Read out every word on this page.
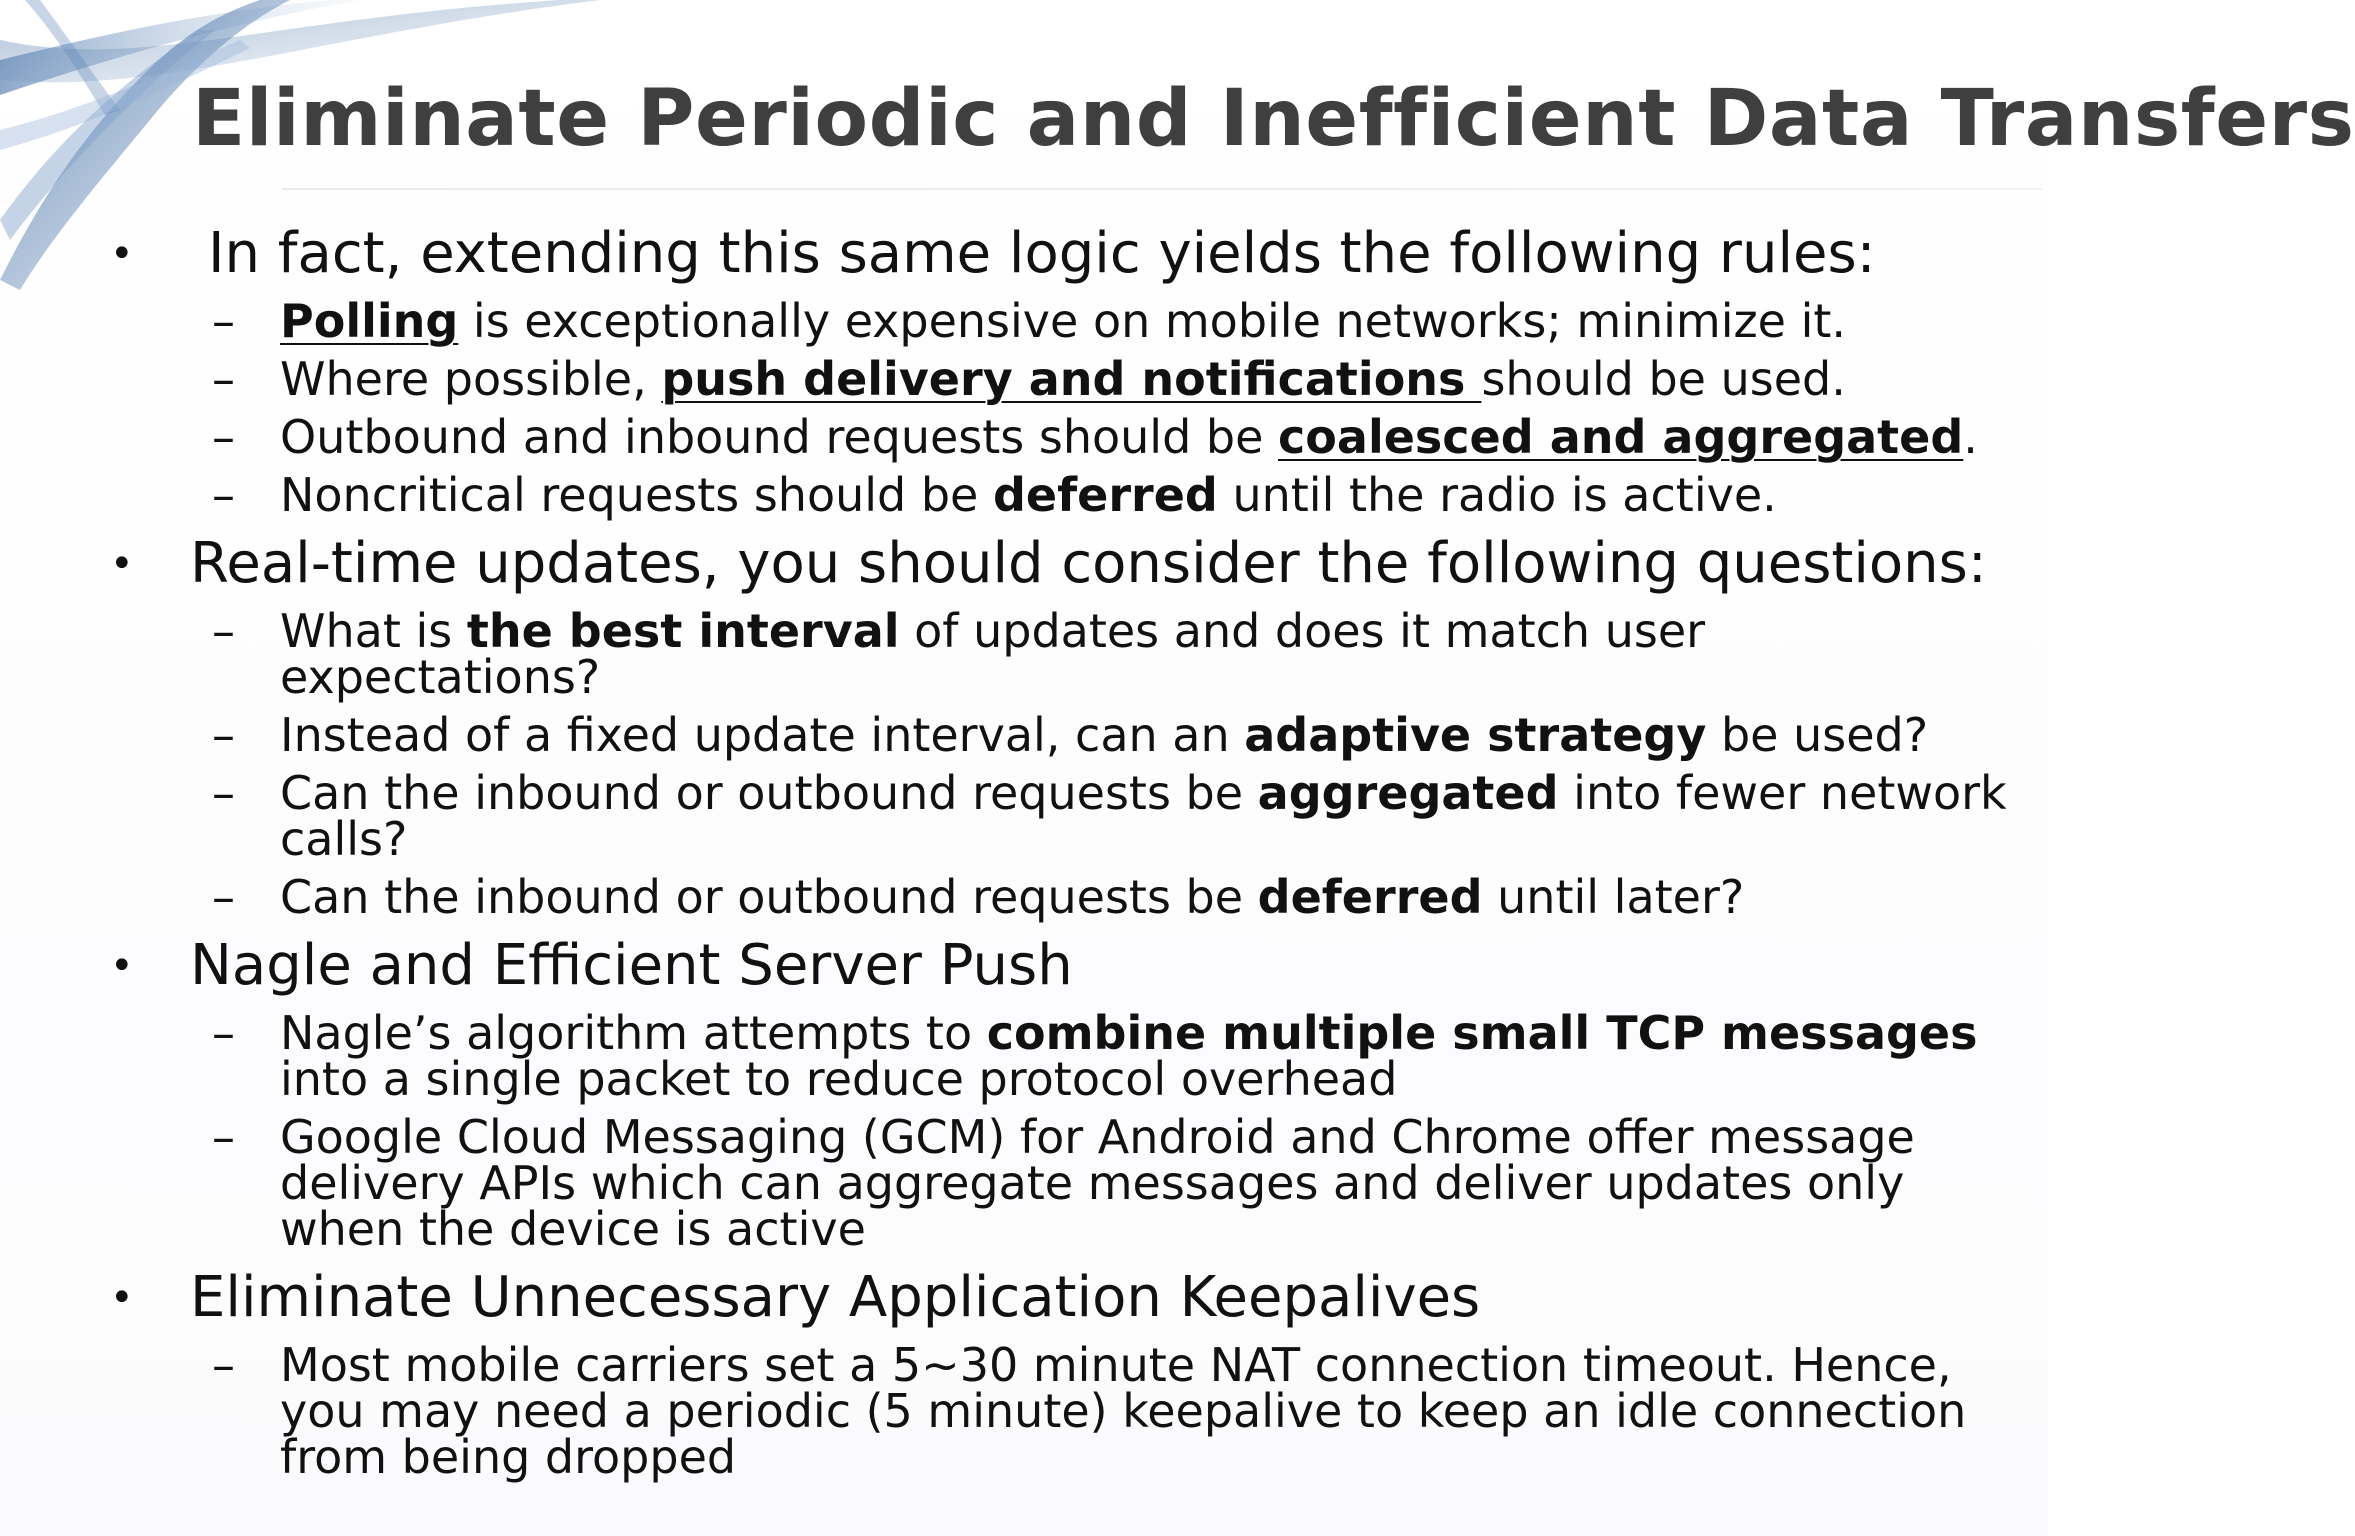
Eliminate Periodic and Inefficient Data Transfers

• In fact, extending this same logic yields the following rules:

– Polling is exceptionally expensive on mobile networks; minimize it.

– Where possible, push delivery and notifications should be used.

– Outbound and inbound requests should be coalesced and aggregated.

– Noncritical requests should be deferred until the radio is active.

• Real-time updates, you should consider the following questions:

– What is the best interval of updates and does it match user expectations?

– Instead of a fixed update interval, can an adaptive strategy be used?

– Can the inbound or outbound requests be aggregated into fewer network calls?

– Can the inbound or outbound requests be deferred until later?

• Nagle and Efficient Server Push

– Nagle’s algorithm attempts to combine multiple small TCP messages into a single packet to reduce protocol overhead

– Google Cloud Messaging (GCM) for Android and Chrome offer message delivery APIs which can aggregate messages and deliver updates only when the device is active

• Eliminate Unnecessary Application Keepalives

– Most mobile carriers set a 5~30 minute NAT connection timeout. Hence, you may need a periodic (5 minute) keepalive to keep an idle connection from being dropped
